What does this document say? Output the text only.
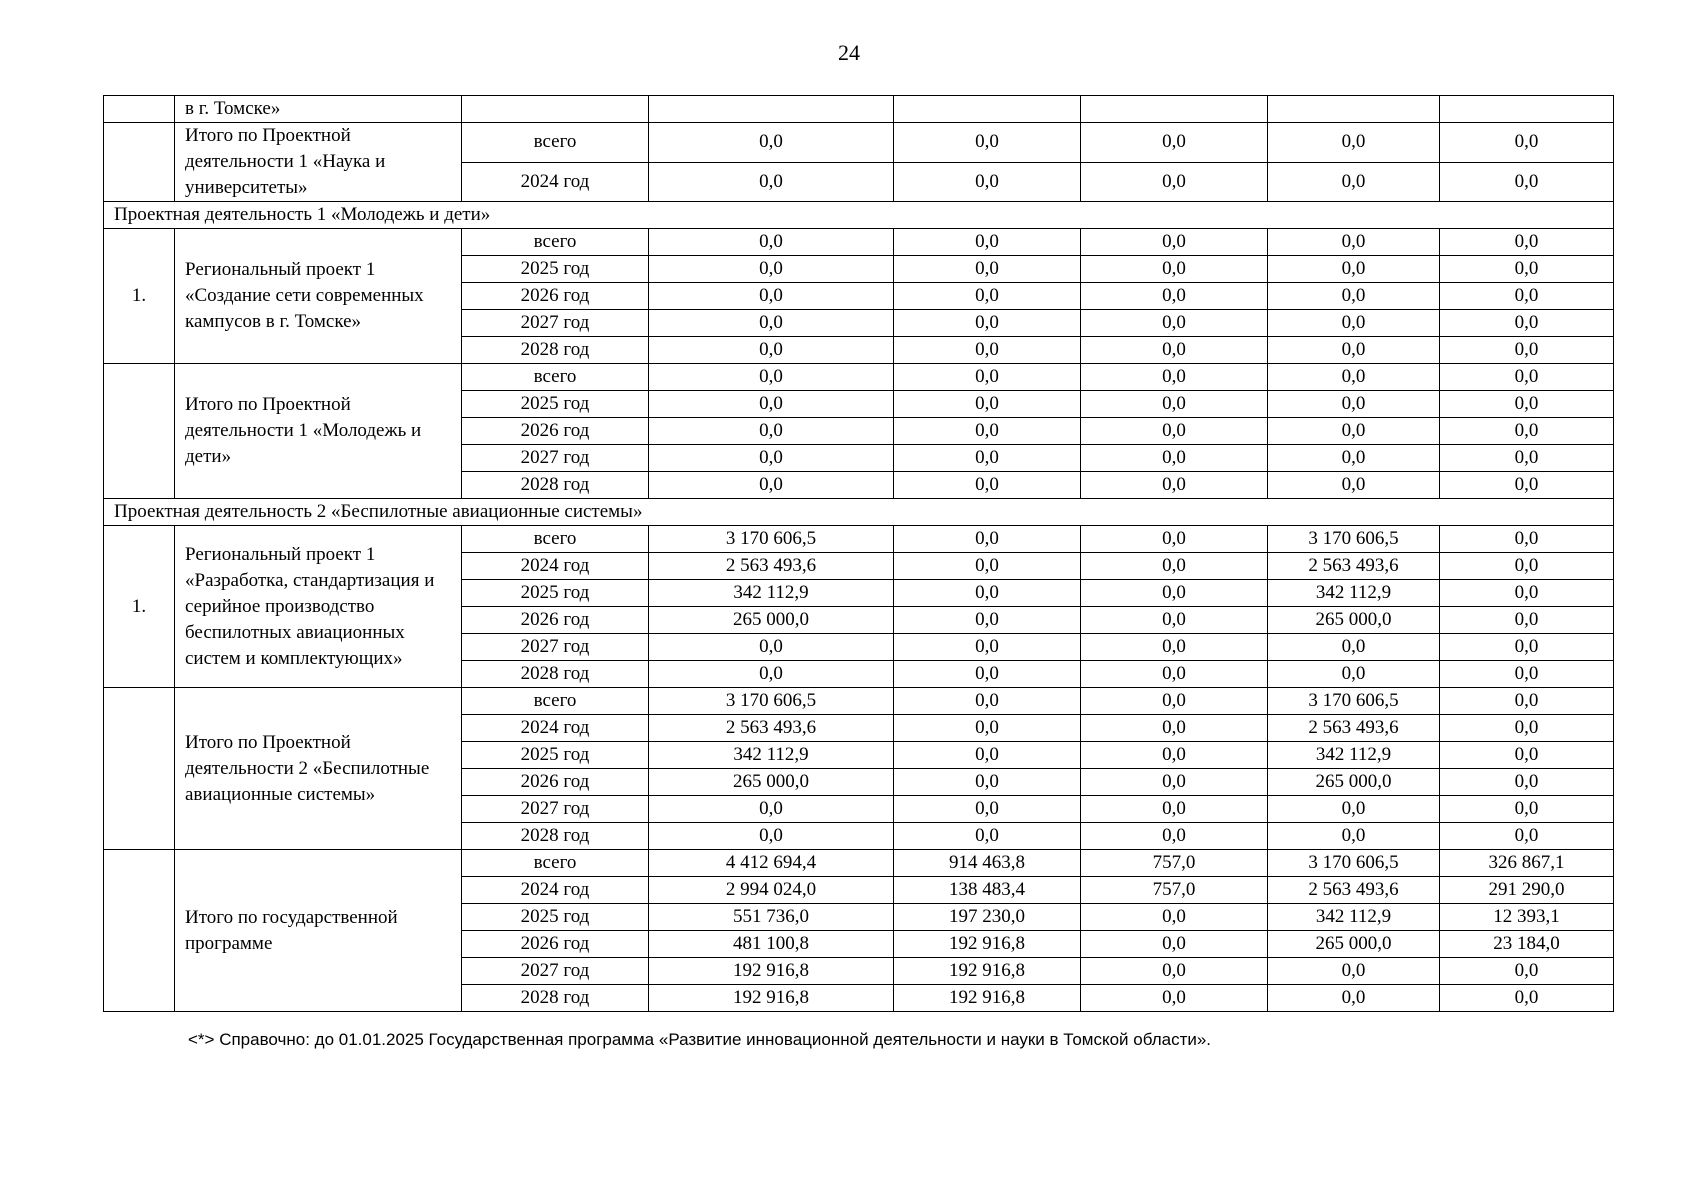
24
	в г. Томске»						
	Итого по Проектной деятельности 1 «Наука и университеты»	всего	0,0	0,0	0,0	0,0	0,0
		2024 год	0,0	0,0	0,0	0,0	0,0
Проектная деятельность 1 «Молодежь и дети»							
1.	Региональный проект 1 «Создание сети современных кампусов в г. Томске»	всего	0,0	0,0	0,0	0,0	0,0
		2025 год	0,0	0,0	0,0	0,0	0,0
		2026 год	0,0	0,0	0,0	0,0	0,0
		2027 год	0,0	0,0	0,0	0,0	0,0
		2028 год	0,0	0,0	0,0	0,0	0,0
	Итого по Проектной деятельности 1 «Молодежь и дети»	всего	0,0	0,0	0,0	0,0	0,0
		2025 год	0,0	0,0	0,0	0,0	0,0
		2026 год	0,0	0,0	0,0	0,0	0,0
		2027 год	0,0	0,0	0,0	0,0	0,0
		2028 год	0,0	0,0	0,0	0,0	0,0
Проектная деятельность 2 «Беспилотные авиационные системы»							
1.	Региональный проект 1 «Разработка, стандартизация и серийное производство беспилотных авиационных систем и комплектующих»	всего	3 170 606,5	0,0	0,0	3 170 606,5	0,0
		2024 год	2 563 493,6	0,0	0,0	2 563 493,6	0,0
		2025 год	342 112,9	0,0	0,0	342 112,9	0,0
		2026 год	265 000,0	0,0	0,0	265 000,0	0,0
		2027 год	0,0	0,0	0,0	0,0	0,0
		2028 год	0,0	0,0	0,0	0,0	0,0
	Итого по Проектной деятельности 2 «Беспилотные авиационные системы»	всего	3 170 606,5	0,0	0,0	3 170 606,5	0,0
		2024 год	2 563 493,6	0,0	0,0	2 563 493,6	0,0
		2025 год	342 112,9	0,0	0,0	342 112,9	0,0
		2026 год	265 000,0	0,0	0,0	265 000,0	0,0
		2027 год	0,0	0,0	0,0	0,0	0,0
		2028 год	0,0	0,0	0,0	0,0	0,0
	Итого по государственной программе	всего	4 412 694,4	914 463,8	757,0	3 170 606,5	326 867,1
		2024 год	2 994 024,0	138 483,4	757,0	2 563 493,6	291 290,0
		2025 год	551 736,0	197 230,0	0,0	342 112,9	12 393,1
		2026 год	481 100,8	192 916,8	0,0	265 000,0	23 184,0
		2027 год	192 916,8	192 916,8	0,0	0,0	0,0
		2028 год	192 916,8	192 916,8	0,0	0,0	0,0
<*> Справочно: до 01.01.2025 Государственная программа «Развитие инновационной деятельности и науки в Томской области».
